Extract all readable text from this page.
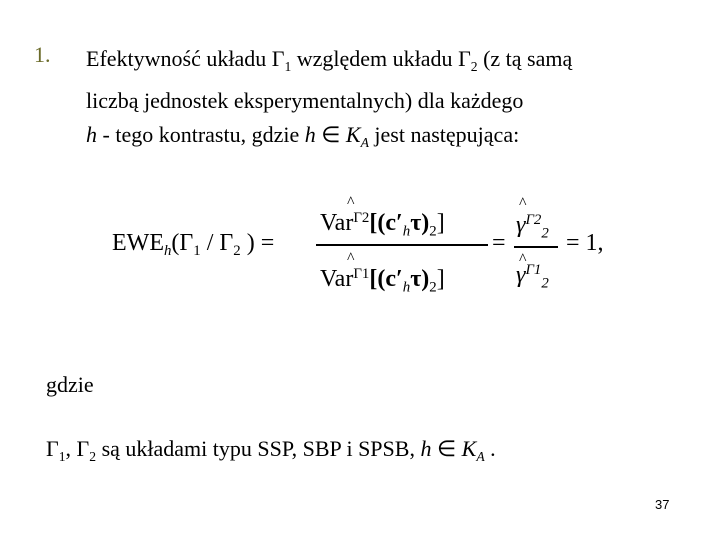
1. Efektywność układu $\Gamma_1$ względem układu $\Gamma_2$ (z tą samą
liczbą jednostek eksperymentalnych) dla każdego
h - tego kontrastu, gdzie h ∈ $K_A$ jest następująca:
$EWE_h(\Gamma_1 / \Gamma_2$ ) =
^
$Var^{\Gamma 2}[(c'_h\tau)_2]$
^
$Var^{\Gamma 1}[(c'_h\tau)_2]$
=
^
$\gamma^{\Gamma 2}_2$
^
$\gamma^{\Gamma 1}_2$
= 1,
gdzie
$\Gamma_1$, $\Gamma_2$ są układami typu SSP, SBP i SPSB, h ∈ $K_A$ .
37
